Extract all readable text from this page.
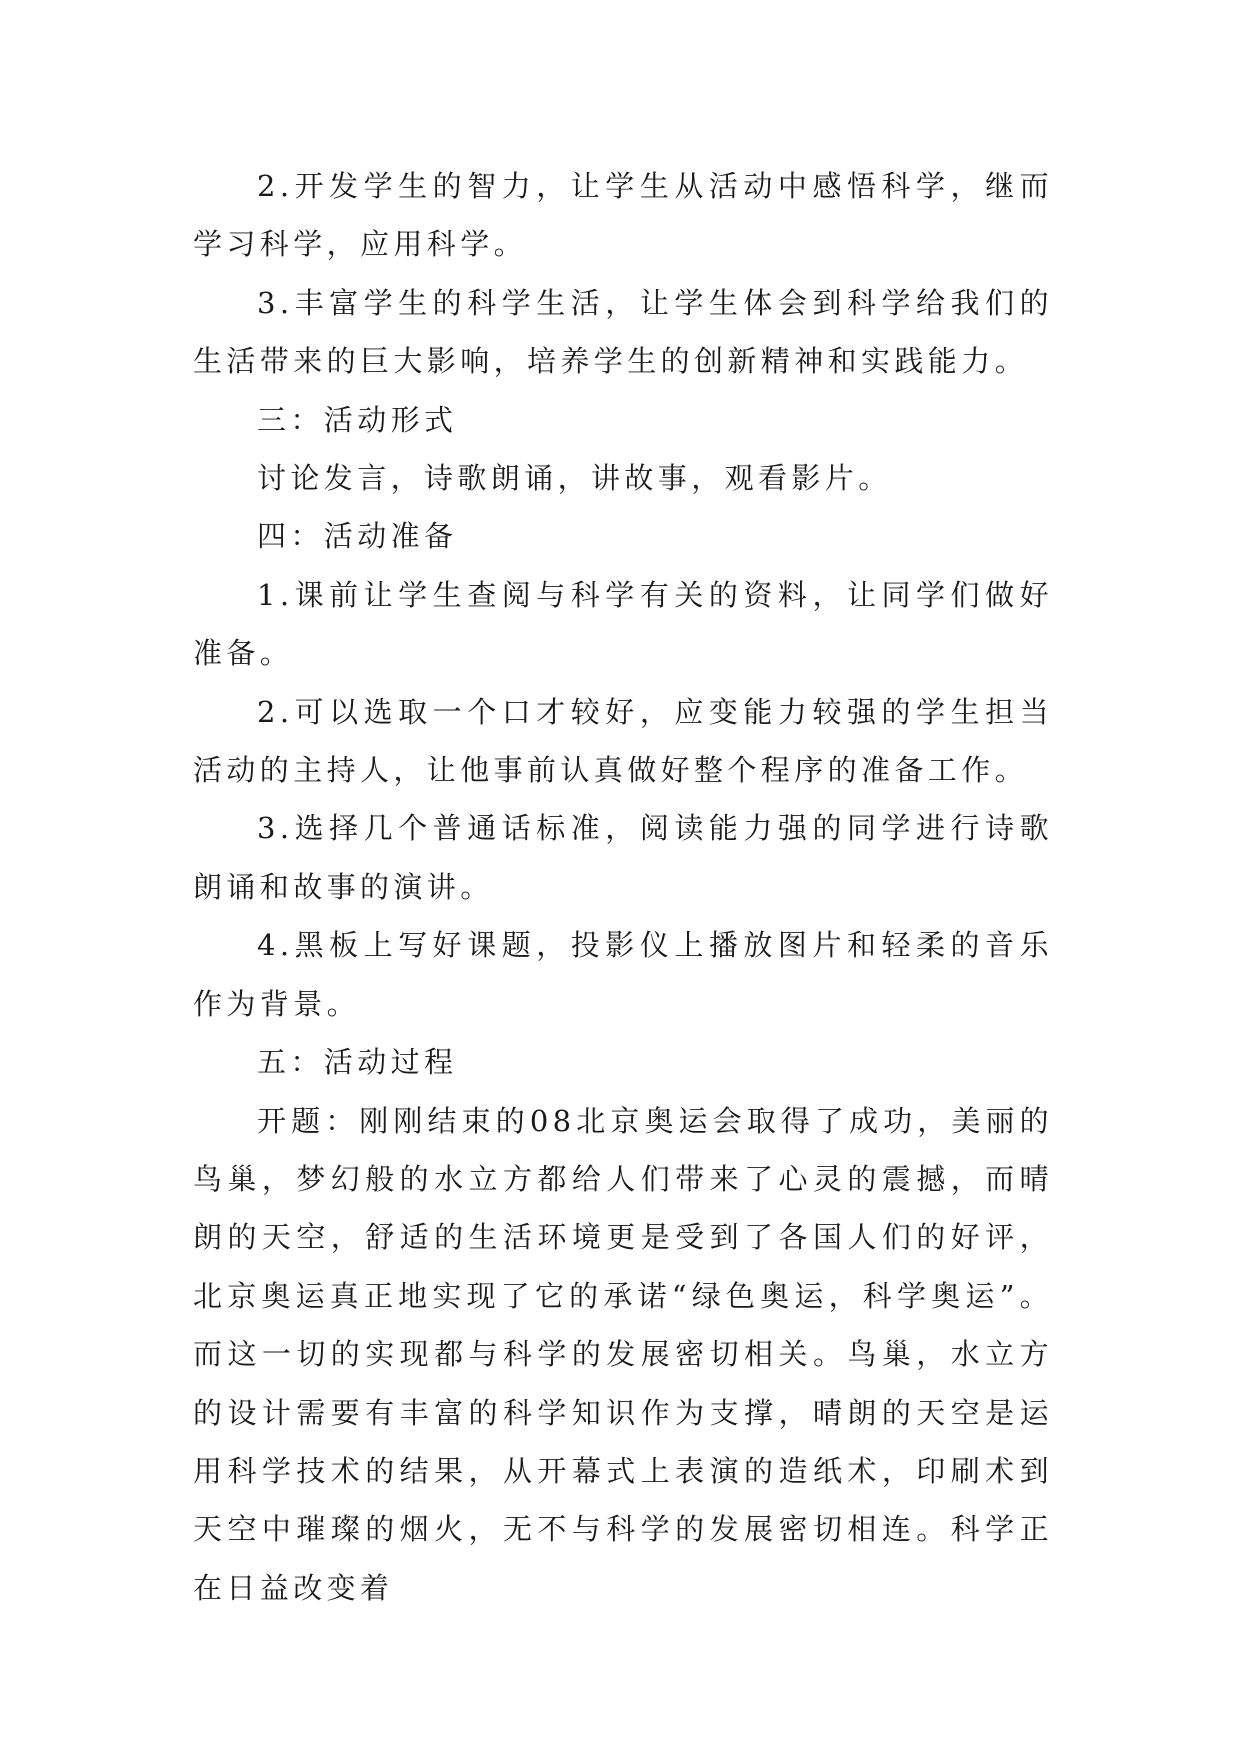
2.开发学生的智力，让学生从活动中感悟科学，继而学习科学，应用科学。

3.丰富学生的科学生活，让学生体会到科学给我们的生活带来的巨大影响，培养学生的创新精神和实践能力。

三：活动形式

讨论发言，诗歌朗诵，讲故事，观看影片。

四：活动准备

1.课前让学生查阅与科学有关的资料，让同学们做好准备。

2.可以选取一个口才较好，应变能力较强的学生担当活动的主持人，让他事前认真做好整个程序的准备工作。

3.选择几个普通话标准，阅读能力强的同学进行诗歌朗诵和故事的演讲。

4.黑板上写好课题，投影仪上播放图片和轻柔的音乐作为背景。

五：活动过程

开题：刚刚结束的08北京奥运会取得了成功，美丽的鸟巢，梦幻般的水立方都给人们带来了心灵的震撼，而晴朗的天空，舒适的生活环境更是受到了各国人们的好评，北京奥运真正地实现了它的承诺“绿色奥运，科学奥运”。而这一切的实现都与科学的发展密切相关。鸟巢，水立方的设计需要有丰富的科学知识作为支撑，晴朗的天空是运用科学技术的结果，从开幕式上表演的造纸术，印刷术到天空中璀璨的烟火，无不与科学的发展密切相连。科学正在日益改变着
